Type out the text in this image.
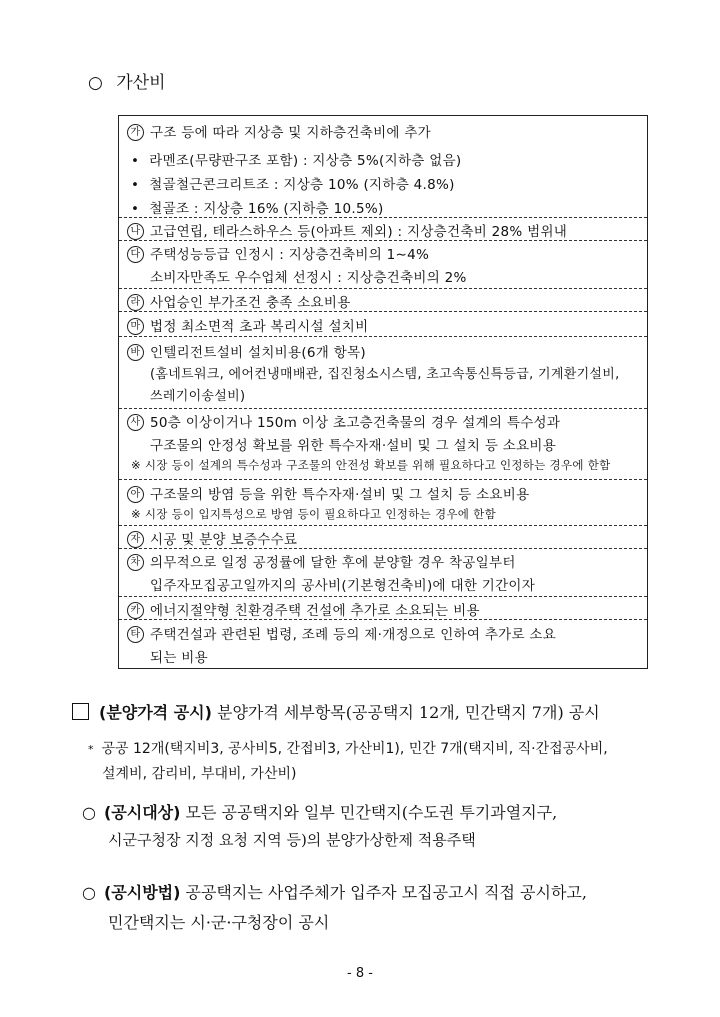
○ 가산비
가 구조 등에 따라 지상층 및 지하층건축비에 추가
• 라멘조(무량판구조 포함) : 지상층 5%(지하층 없음)
• 철골철근콘크리트조 : 지상층 10% (지하층 4.8%)
• 철골조 : 지상층 16% (지하층 10.5%)
나 고급연립, 테라스하우스 등(아파트 제외) : 지상층건축비 28% 범위내
다 주택성능등급 인정시 : 지상층건축비의 1∼4%
소비자만족도 우수업체 선정시 : 지상층건축비의 2%
라 사업승인 부가조건 충족 소요비용
마 법정 최소면적 초과 복리시설 설치비
바 인텔리전트설비 설치비용(6개 항목)
(홈네트워크, 에어컨냉매배관, 집진청소시스템, 초고속통신특등급, 기계환기설비,
쓰레기이송설비)
사 50층 이상이거나 150m 이상 초고층건축물의 경우 설계의 특수성과
구조물의 안정성 확보를 위한 특수자재·설비 및 그 설치 등 소요비용
※ 시장 등이 설계의 특수성과 구조물의 안전성 확보를 위해 필요하다고 인정하는 경우에 한함
아 구조물의 방염 등을 위한 특수자재·설비 및 그 설치 등 소요비용
※ 시장 등이 입지특성으로 방염 등이 필요하다고 인정하는 경우에 한함
자 시공 및 분양 보증수수료
차 의무적으로 일정 공정률에 달한 후에 분양할 경우 착공일부터
입주자모집공고일까지의 공사비(기본형건축비)에 대한 기간이자
카 에너지절약형 친환경주택 건설에 추가로 소요되는 비용
타 주택건설과 관련된 법령, 조례 등의 제·개정으로 인하여 추가로 소요
되는 비용
(분양가격 공시) 분양가격 세부항목(공공택지 12개, 민간택지 7개) 공시
* 공공 12개(택지비3, 공사비5, 간접비3, 가산비1), 민간 7개(택지비, 직·간접공사비,
설계비, 감리비, 부대비, 가산비)
○ (공시대상) 모든 공공택지와 일부 민간택지(수도권 투기과열지구,
시군구청장 지정 요청 지역 등)의 분양가상한제 적용주택
○ (공시방법) 공공택지는 사업주체가 입주자 모집공고시 직접 공시하고,
민간택지는 시·군·구청장이 공시
- 8 -
